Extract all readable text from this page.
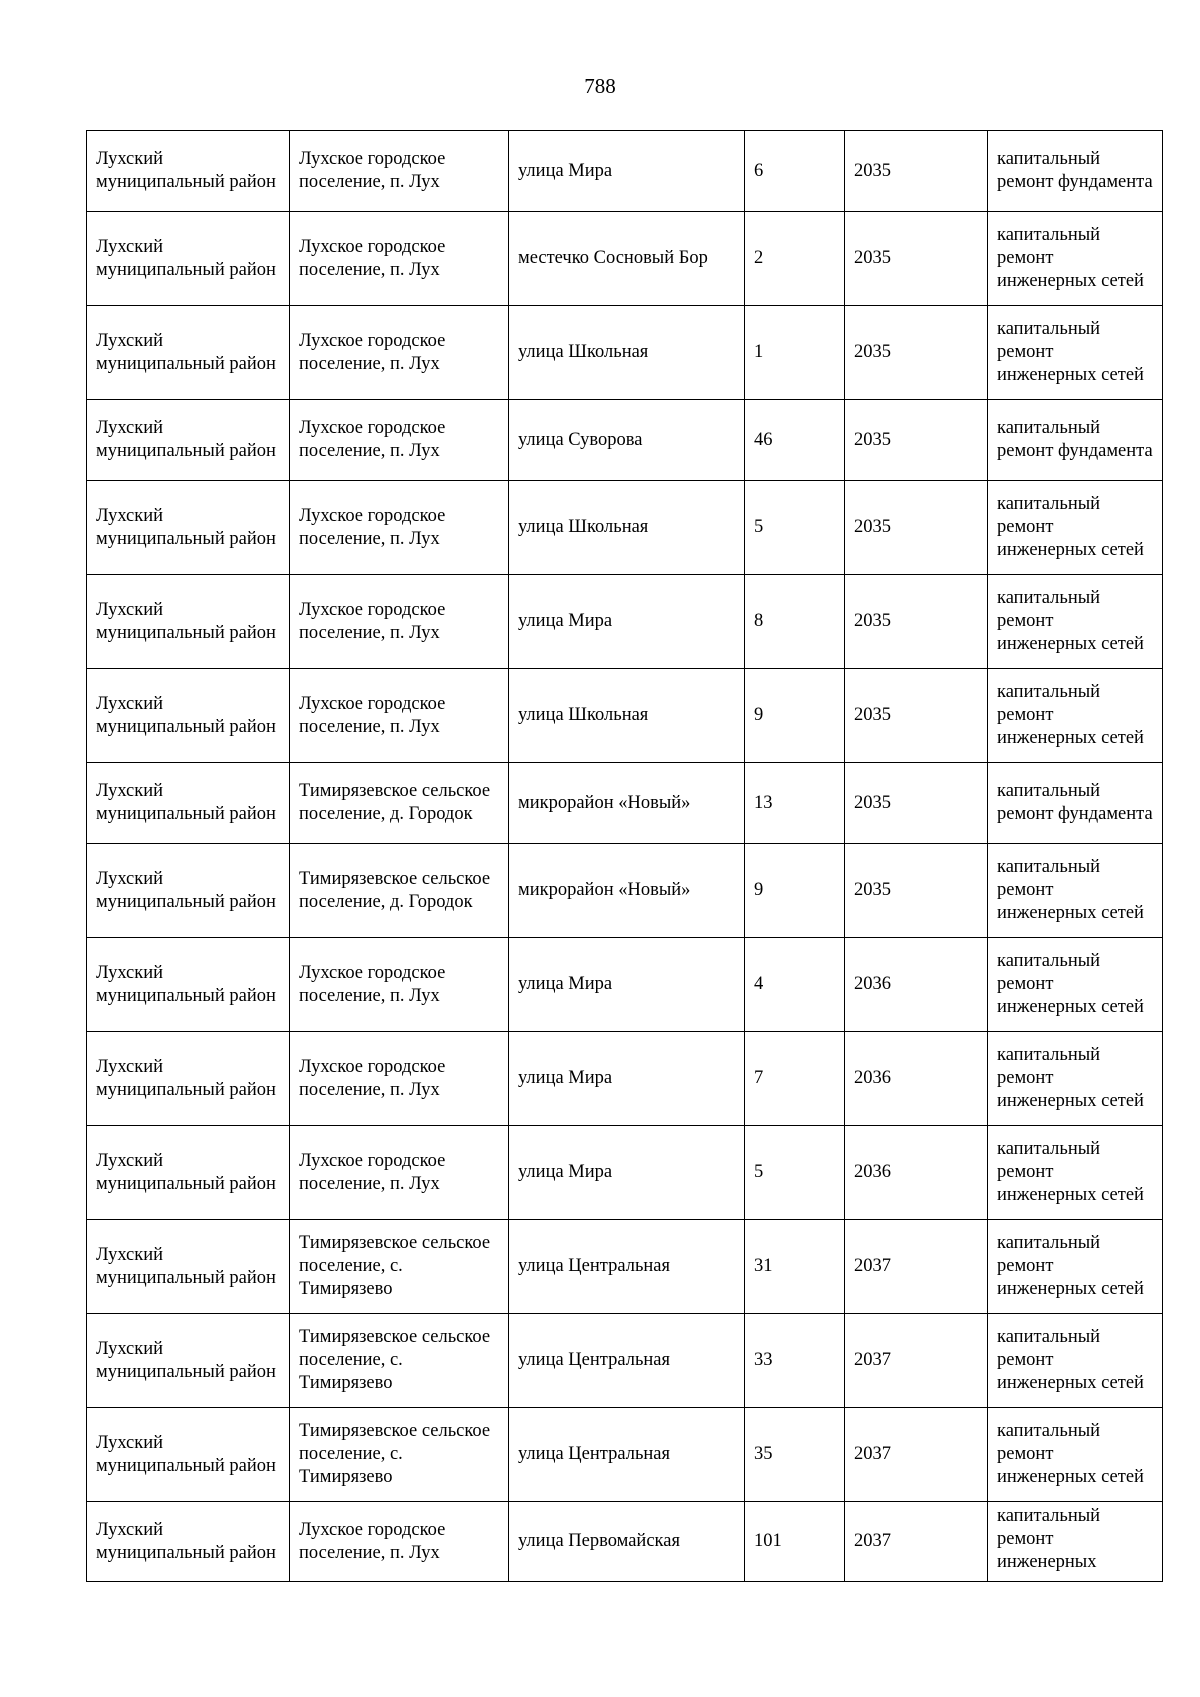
788
Лухский муниципальный район	Лухское городское поселение, п. Лух	улица Мира	6	2035	капитальный ремонт фундамента
Лухский муниципальный район	Лухское городское поселение, п. Лух	местечко Сосновый Бор	2	2035	капитальный ремонт инженерных сетей
Лухский муниципальный район	Лухское городское поселение, п. Лух	улица Школьная	1	2035	капитальный ремонт инженерных сетей
Лухский муниципальный район	Лухское городское поселение, п. Лух	улица Суворова	46	2035	капитальный ремонт фундамента
Лухский муниципальный район	Лухское городское поселение, п. Лух	улица Школьная	5	2035	капитальный ремонт инженерных сетей
Лухский муниципальный район	Лухское городское поселение, п. Лух	улица Мира	8	2035	капитальный ремонт инженерных сетей
Лухский муниципальный район	Лухское городское поселение, п. Лух	улица Школьная	9	2035	капитальный ремонт инженерных сетей
Лухский муниципальный район	Тимирязевское сельское поселение, д. Городок	микрорайон «Новый»	13	2035	капитальный ремонт фундамента
Лухский муниципальный район	Тимирязевское сельское поселение, д. Городок	микрорайон «Новый»	9	2035	капитальный ремонт инженерных сетей
Лухский муниципальный район	Лухское городское поселение, п. Лух	улица Мира	4	2036	капитальный ремонт инженерных сетей
Лухский муниципальный район	Лухское городское поселение, п. Лух	улица Мира	7	2036	капитальный ремонт инженерных сетей
Лухский муниципальный район	Лухское городское поселение, п. Лух	улица Мира	5	2036	капитальный ремонт инженерных сетей
Лухский муниципальный район	Тимирязевское сельское поселение, с. Тимирязево	улица Центральная	31	2037	капитальный ремонт инженерных сетей
Лухский муниципальный район	Тимирязевское сельское поселение, с. Тимирязево	улица Центральная	33	2037	капитальный ремонт инженерных сетей
Лухский муниципальный район	Тимирязевское сельское поселение, с. Тимирязево	улица Центральная	35	2037	капитальный ремонт инженерных сетей
Лухский муниципальный район	Лухское городское поселение, п. Лух	улица Первомайская	101	2037	капитальный ремонт инженерных
